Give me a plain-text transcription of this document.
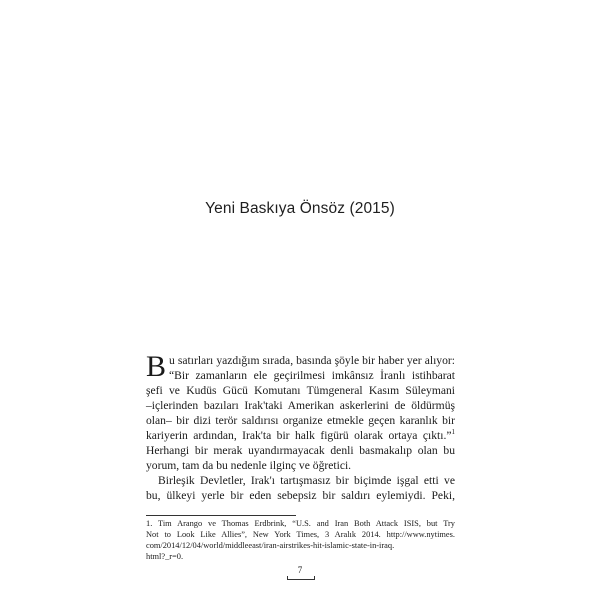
Yeni Baskıya Önsöz (2015)
B u satırları yazdığım sırada, basında şöyle bir haber yer alıyor:
“Bir zamanların ele geçirilmesi imkânsız İranlı istihbarat
şefi ve Kudüs Gücü Komutanı Tümgeneral Kasım Süleymani
–içlerinden bazıları Irak'taki Amerikan askerlerini de öldürmüş
olan– bir dizi terör saldırısı organize etmekle geçen karanlık bir
kariyerin ardından, Irak'ta bir halk figürü olarak ortaya çıktı.”$^1$
Herhangi bir merak uyandırmayacak denli basmakalıp olan bu
yorum, tam da bu nedenle ilginç ve öğretici.
Birleşik Devletler, Irak'ı tartışmasız bir biçimde işgal etti ve
bu, ülkeyi yerle bir eden sebepsiz bir saldırı eylemiydi. Peki,
1. Tim Arango ve Thomas Erdbrink, “U.S. and Iran Both Attack ISIS, but Try
Not to Look Like Allies”, New York Times, 3 Aralık 2014. http://www.nytimes.
com/2014/12/04/world/middleeast/iran-airstrikes-hit-islamic-state-in-iraq.
html?_r=0.
7
